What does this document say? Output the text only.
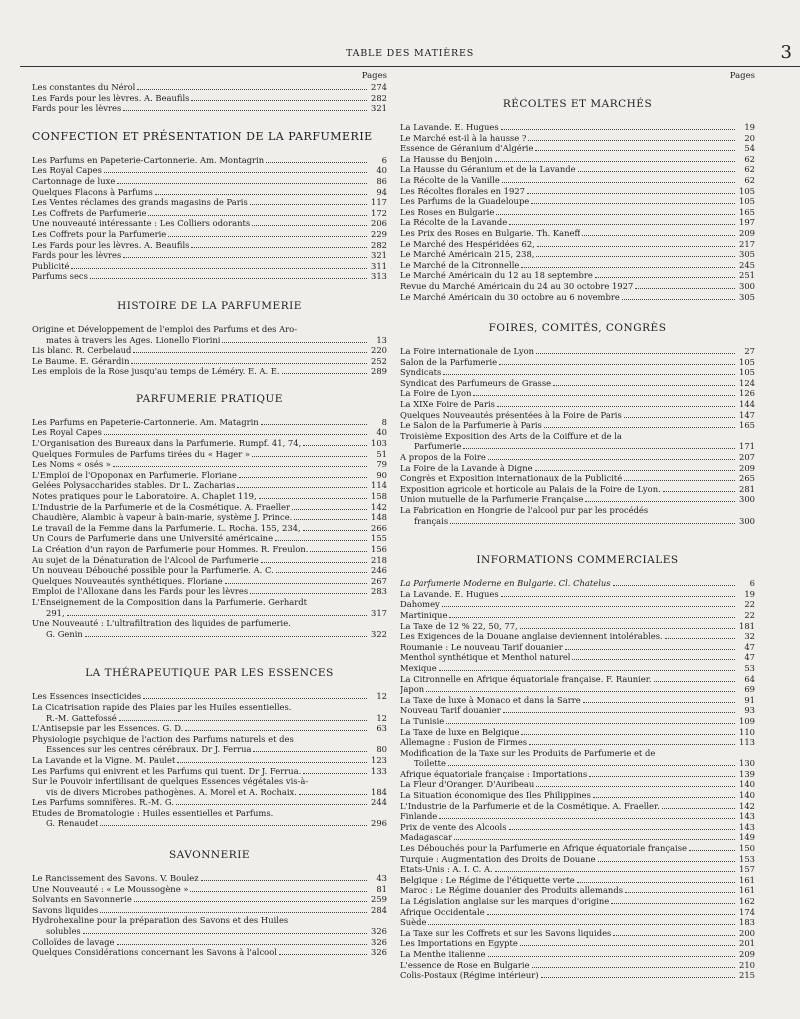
TABLE DES MATIÈRES	3
Pages
Les constantes du Nérol	274
Les Fards pour les lèvres. A. Beaufils	282
Fards pour les lèvres	321
CONFECTION ET PRÉSENTATION DE LA PARFUMERIE
Les Parfums en Papeterie-Cartonnerie. Am. Montagrin	6
Les Royal Capes	40
Cartonnage de luxe	86
Quelques Flacons à Parfums	94
Les Ventes réclames des grands magasins de Paris	117
Les Coffrets de Parfumerie	172
Une nouveauté intéressante : Les Colliers odorants	206
Les Coffrets pour la Parfumerie	229
Les Fards pour les lèvres. A. Beaufils	282
Fards pour les lèvres	321
Publicité	311
Parfums secs	313
HISTOIRE DE LA PARFUMERIE
Origine et Développement de l'emploi des Parfums et des Aro-
mates à travers les Ages. Lionello Fiorini	13
Lis blanc. R. Cerbelaud	220
Le Baume. E. Gérardin	252
Les emplois de la Rose jusqu'au temps de Léméry. E. A. E.	289
PARFUMERIE PRATIQUE
Les Parfums en Papeterie-Cartonnerie. Am. Matagrin	8
Les Royal Capes	40
L'Organisation des Bureaux dans la Parfumerie. Rumpf. 41, 74,	103
Quelques Formules de Parfums tirées du « Hager »	51
Les Noms « osés »	79
L'Emploi de l'Opoponax en Parfumerie. Floriane	90
Gelées Polysaccharides stables. Dr L. Zacharias	114
Notes pratiques pour le Laboratoire. A. Chaplet 119,	158
L'Industrie de la Parfumerie et de la Cosmétique. A. Fraeller	142
Chaudière, Alambic à vapeur à bain-marie, système J. Prince.	148
Le travail de la Femme dans la Parfumerie. L. Rocha. 155, 234,	266
Un Cours de Parfumerie dans une Université américaine	155
La Création d'un rayon de Parfumerie pour Hommes. R. Freulon.	156
Au sujet de la Dénaturation de l'Alcool de Parfumerie	218
Un nouveau Débouché possible pour la Parfumerie. A. C.	246
Quelques Nouveautés synthétiques. Floriane	267
Emploi de l'Alloxane dans les Fards pour les lèvres	283
L'Enseignement de la Composition dans la Parfumerie. Gerhardt
291,	317
Une Nouveauté : L'ultrafiltration des liquides de parfumerie.
G. Genin	322
LA THÉRAPEUTIQUE PAR LES ESSENCES
Les Essences insecticides	12
La Cicatrisation rapide des Plaies par les Huiles essentielles.
R.-M. Gattefossé	12
L'Antisepsie par les Essences. G. D.	63
Physiologie psychique de l'action des Parfums naturels et des
Essences sur les centres cérébraux. Dr J. Ferrua	80
La Lavande et la Vigne. M. Paulet	123
Les Parfums qui enivrent et les Parfums qui tuent. Dr J. Ferrua.	133
Sur le Pouvoir infertilisant de quelques Essences végétales vis-à-
vis de divers Microbes pathogènes. A. Morel et A. Rochaix.	184
Les Parfums somnifères. R.-M. G.	244
Etudes de Bromatologie : Huiles essentielles et Parfums.
G. Renaudet	296
SAVONNERIE
Le Rancissement des Savons. V. Boulez	43
Une Nouveauté : « Le Moussogène »	81
Solvants en Savonnerie	259
Savons liquides	284
Hydrohexaline pour la préparation des Savons et des Huiles
solubles	326
Colloïdes de lavage	326
Quelques Considérations concernant les Savons à l'alcool	326
Pages
RÉCOLTES ET MARCHÉS
La Lavande. E. Hugues	19
Le Marché est-il à la hausse ?	20
Essence de Géranium d'Algérie	54
La Hausse du Benjoin	62
La Hausse du Géranium et de la Lavande	62
La Récolte de la Vanille	62
Les Récoltes florales en 1927	105
Les Parfums de la Guadeloupe	105
Les Roses en Bulgarie	165
La Récolte de la Lavande	197
Les Prix des Roses en Bulgarie. Th. Kaneff	209
Le Marché des Hespéridées 62,	217
Le Marché Américain 215, 238,	305
Le Marché de la Citronnelle	245
Le Marché Américain du 12 au 18 septembre	251
Revue du Marché Américain du 24 au 30 octobre 1927	300
Le Marché Américain du 30 octobre au 6 novembre	305
FOIRES, COMITÉS, CONGRÈS
La Foire internationale de Lyon	27
Salon de la Parfumerie	105
Syndicats	105
Syndicat des Parfumeurs de Grasse	124
La Foire de Lyon	126
La XIXe Foire de Paris	144
Quelques Nouveautés présentées à la Foire de Paris	147
Le Salon de la Parfumerie à Paris	165
Troisième Exposition des Arts de la Coiffure et de la
Parfumerie	171
A propos de la Foire	207
La Foire de la Lavande à Digne	209
Congrès et Exposition internationaux de la Publicité	265
Exposition agricole et horticole au Palais de la Foire de Lyon.	281
Union mutuelle de la Parfumerie Française	300
La Fabrication en Hongrie de l'alcool pur par les procédés
français	300
INFORMATIONS COMMERCIALES
La Parfumerie Moderne en Bulgarie. Cl. Chatelus	6
La Lavande. E. Hugues	19
Dahomey	22
Martinique	22
La Taxe de 12 % 22, 50, 77,	181
Les Exigences de la Douane anglaise deviennent intolérables.	32
Roumanie : Le nouveau Tarif douanier	47
Menthol synthétique et Menthol naturel	47
Mexique	53
La Citronnelle en Afrique équatoriale française. F. Raunier.	64
Japon	69
La Taxe de luxe à Monaco et dans la Sarre	91
Nouveau Tarif douanier	93
La Tunisie	109
La Taxe de luxe en Belgique	110
Allemagne : Fusion de Firmes	113
Modification de la Taxe sur les Produits de Parfumerie et de
Toilette	130
Afrique équatoriale française : Importations	139
La Fleur d'Oranger. D'Auribeau	140
La Situation économique des Iles Philippines	140
L'Industrie de la Parfumerie et de la Cosmétique. A. Fraeller.	142
Finlande	143
Prix de vente des Alcools	143
Madagascar	149
Les Débouchés pour la Parfumerie en Afrique équatoriale française	150
Turquie : Augmentation des Droits de Douane	153
Etats-Unis : A. I. C. A.	157
Belgique : Le Régime de l'étiquette verte	161
Maroc : Le Régime douanier des Produits allemands	161
La Législation anglaise sur les marques d'origine	162
Afrique Occidentale	174
Suède	183
La Taxe sur les Coffrets et sur les Savons liquides	200
Les Importations en Egypte	201
La Menthe italienne	209
L'essence de Rose en Bulgarie	210
Colis-Postaux (Régime intérieur)	215
